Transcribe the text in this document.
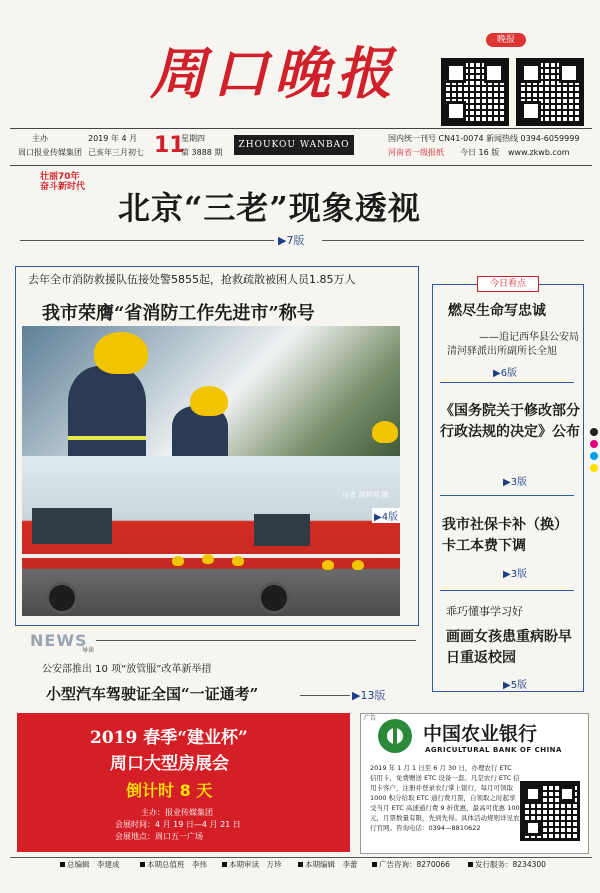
周口晚报
晚报
主办
周口报业传媒集团
2019 年 4 月 11
星期四
己亥年三月初七	第 3888 期
ZHOUKOU WANBAO
国内统一刊号 CN41-0074 新闻热线 0394-6059999
河南省一级报纸 今日 16 版 www.zkwb.com
壮丽70年
奋斗新时代
北京“三老”现象透视
▶7版
去年全市消防救援队伍接处警5855起，抢救疏散被困人员1.85万人
我市荣膺“省消防工作先进市”称号
记者 胡梦琪 摄
▶4版
今日看点
燃尽生命写忠诚
——追记西华县公安局
清河驿派出所副所长全旭
▶6版
《国务院关于修改部分行政法规的决定》公布
▶3版
我市社保卡补（换）卡工本费下调
▶3版
乖巧懂事学习好
画画女孩患重病盼早日重返校园
▶5版
NEWS
导读
公安部推出 10 项“放管服”改革新举措
小型汽车驾驶证全国“一证通考”	▶13版
2019 春季“建业杯”
周口大型房展会
倒计时 8 天
主办：报业传媒集团
会展时间：4 月 19 日—4 月 21 日
会展地点：周口五一广场
广告
中国农业银行
AGRICULTURAL BANK OF CHINA
2019 年 1 月 1 日至 6 月 30 日，办理农行 ETC 信用卡，免费赠送 ETC 设备一套。凡是农行 ETC 信用卡客户，注册并登录农行掌上银行，每月可领取 1000 积分给取 ETC 通行费月票，自领取之时起享受当月 ETC 高速通行费 9 折优惠，最高可优惠 100 元，月票数量有限，先到先得。具体活动规则详见农行官网。咨询电话：0394—8810622
总编辑　李建成	本期总值班　李伟	本期审读　万珍	本期编辑　李蕾	广告咨询：8270066	发行服务：8234300
